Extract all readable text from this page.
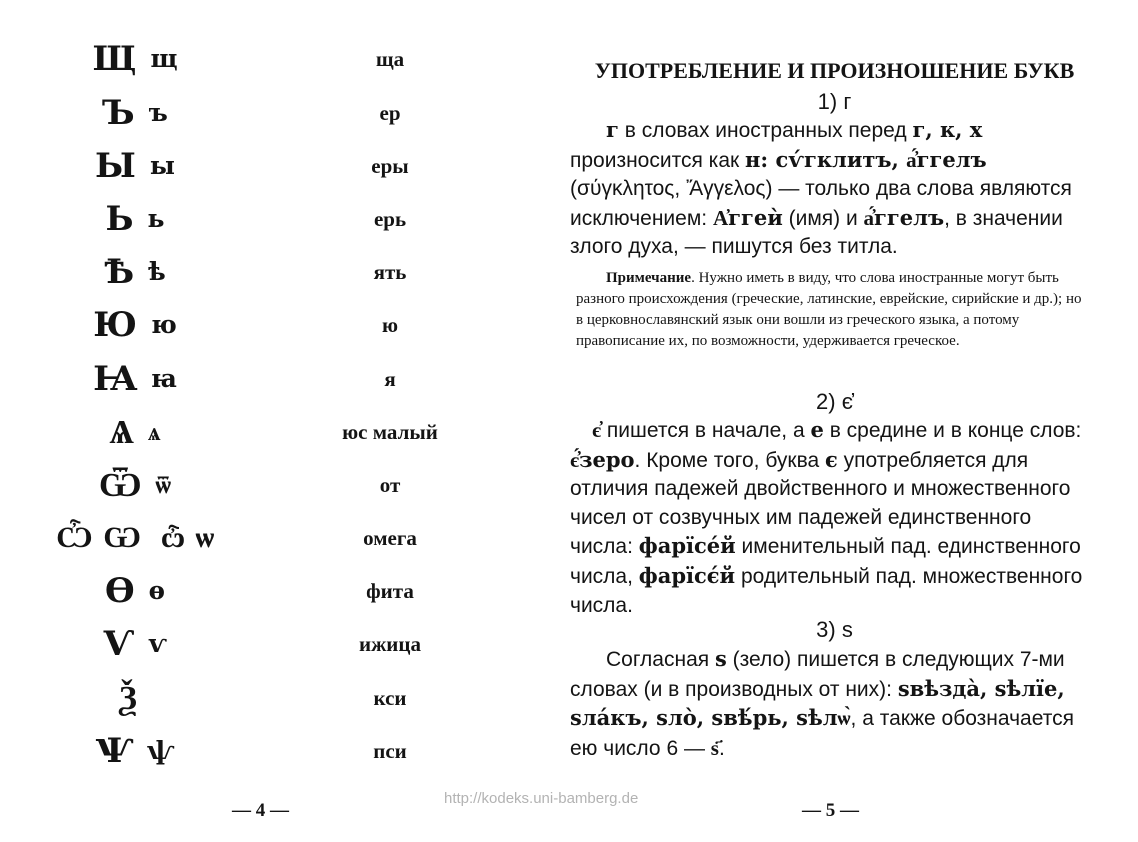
Щ щ	ща
Ъ ъ	ер
Ы ы	еры
Ь ь	ерь
Ѣ ѣ	ять
Ю ю	ю
Ꙗ ꙗ	я
Ѧ ѧ	юс малый
Ѿ ѿ	от
Ѽ Ѡ ѽ ѡ	омега
Ѳ ѳ	фита
Ѵ ѵ	ижица
Ѯ	кси
Ѱ ѱ	пси
— 4 —
УПОТРЕБЛЕНИЕ И ПРОИЗНОШЕНИЕ БУКВ
1) г

г в словах иностранных перед г, к, х произносится как н: сѵ́гклитъ, а҆́ггелъ (σύγκλητος, Ἄγγελος) — только два слова являются исключением: А҆ггеѝ (имя) и а҆́ггелъ, в значении злого духа, — пишутся без титла.

Примечание. Нужно иметь в виду, что слова иностранные могут быть разного происхождения (греческие, латинские, еврейские, сирийские и др.); но в церковнославянский язык они вошли из греческого языка, а потому правописание их, по возможности, удерживается греческое.

2) є҆

є҆ пишется в начале, а е в средине и в конце слов: є҆́зеро. Кроме того, буква є употребляется для отличия падежей двойственного и множественного чисел от созвучных им падежей единственного числа: фарїсе́й именительный пад. единственного числа, фарїсє́й родительный пад. множественного числа.

3) ѕ

Согласная ѕ (зело) пишется в следующих 7-ми словах (и в производных от них): ѕвѣзда̀, ѕѣлїе, ѕла́къ, ѕло̀, ѕвѣ́рь, ѕѣлѡ̀, а также обозначается ею число 6 — ѕ҃.

— 5 —
http://kodeks.uni-bamberg.de
